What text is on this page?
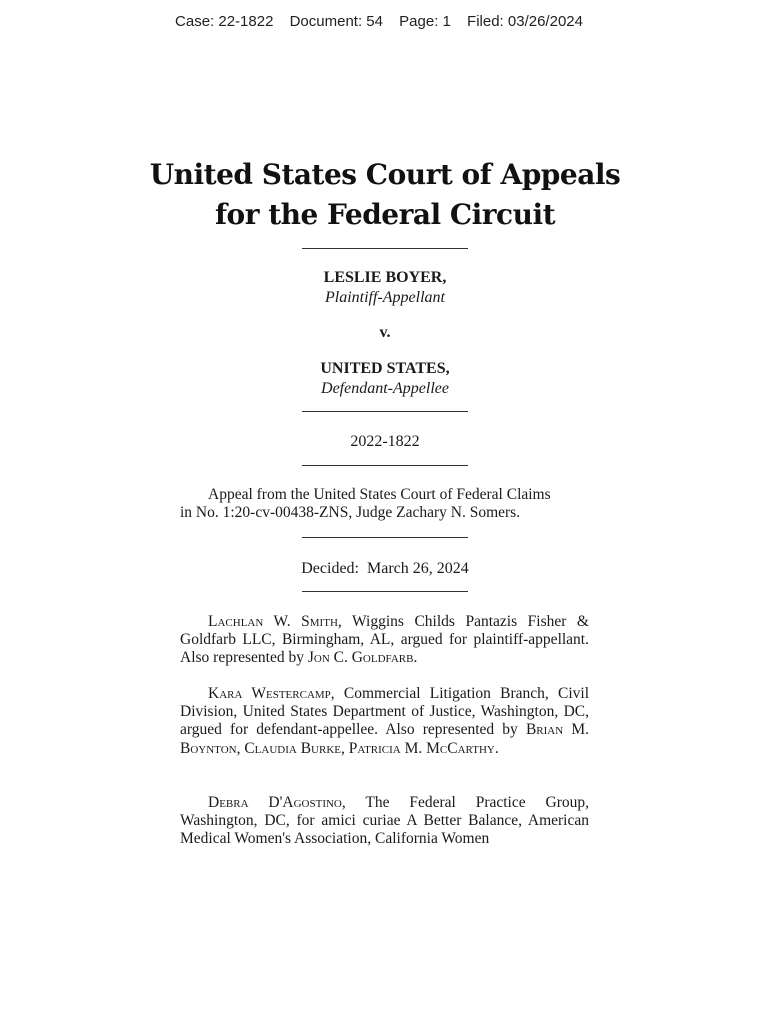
Case: 22-1822 Document: 54 Page: 1 Filed: 03/26/2024
United States Court of Appeals
for the Federal Circuit
LESLIE BOYER,
Plaintiff-Appellant
v.
UNITED STATES,
Defendant-Appellee
2022-1822
Appeal from the United States Court of Federal Claims
in No. 1:20-cv-00438-ZNS, Judge Zachary N. Somers.
Decided:  March 26, 2024
Lachlan W. Smith, Wiggins Childs Pantazis Fisher & Goldfarb LLC, Birmingham, AL, argued for plaintiff-appellant. Also represented by Jon C. Goldfarb.
Kara Westercamp, Commercial Litigation Branch, Civil Division, United States Department of Justice, Washington, DC, argued for defendant-appellee. Also represented by Brian M. Boynton, Claudia Burke, Patricia M. McCarthy.
Debra D'Agostino, The Federal Practice Group, Washington, DC, for amici curiae A Better Balance, American Medical Women's Association, California Women
